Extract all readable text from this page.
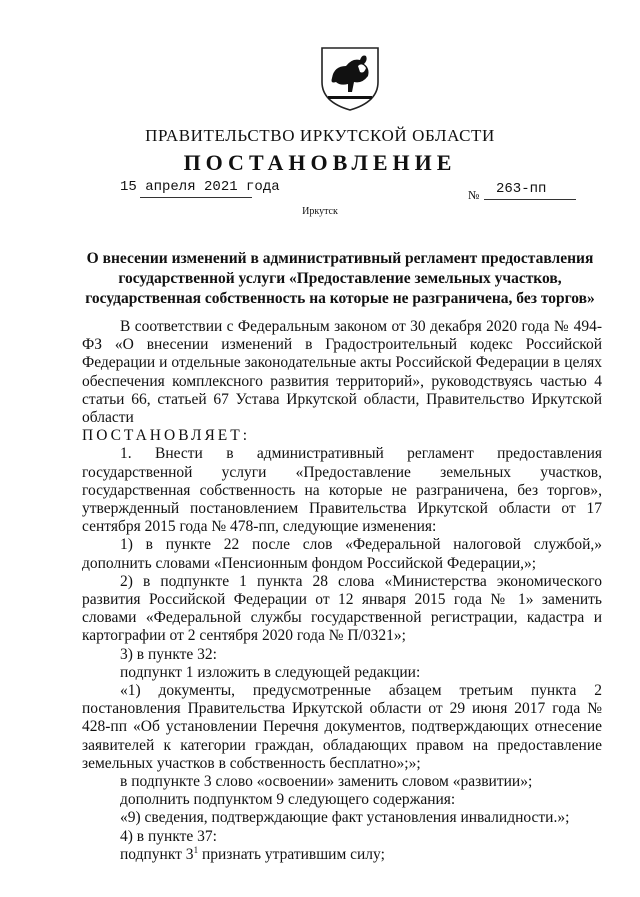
ПРАВИТЕЛЬСТВО ИРКУТСКОЙ ОБЛАСТИ
ПОСТАНОВЛЕНИЕ
15 апреля 2021 года	№ 263-пп
Иркутск
О внесении изменений в административный регламент предоставления государственной услуги «Предоставление земельных участков, государственная собственность на которые не разграничена, без торгов»

В соответствии с Федеральным законом от 30 декабря 2020 года № 494-ФЗ «О внесении изменений в Градостроительный кодекс Российской Федерации и отдельные законодательные акты Российской Федерации в целях обеспечения комплексного развития территорий», руководствуясь частью 4 статьи 66, статьей 67 Устава Иркутской области, Правительство Иркутской области

ПОСТАНОВЛЯЕТ:

1. Внести в административный регламент предоставления государственной услуги «Предоставление земельных участков, государственная собственность на которые не разграничена, без торгов», утвержденный постановлением Правительства Иркутской области от 17 сентября 2015 года № 478-пп, следующие изменения:

1) в пункте 22 после слов «Федеральной налоговой службой,» дополнить словами «Пенсионным фондом Российской Федерации,»;

2) в подпункте 1 пункта 28 слова «Министерства экономического развития Российской Федерации от 12 января 2015 года № 1» заменить словами «Федеральной службы государственной регистрации, кадастра и картографии от 2 сентября 2020 года № П/0321»;

3) в пункте 32:

подпункт 1 изложить в следующей редакции:

«1) документы, предусмотренные абзацем третьим пункта 2 постановления Правительства Иркутской области от 29 июня 2017 года № 428-пп «Об установлении Перечня документов, подтверждающих отнесение заявителей к категории граждан, обладающих правом на предоставление земельных участков в собственность бесплатно»;»;

в подпункте 3 слово «освоении» заменить словом «развитии»;

дополнить подпунктом 9 следующего содержания:

«9) сведения, подтверждающие факт установления инвалидности.»;

4) в пункте 37:

подпункт $3^1$ признать утратившим силу;
